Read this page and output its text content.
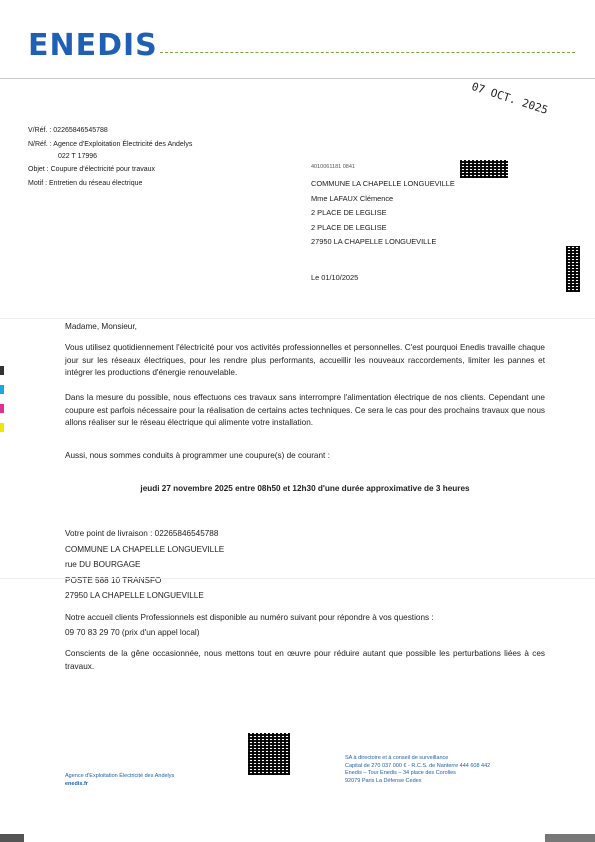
ENEDIS
07 OCT. 2025
V/Réf. : 02265846545788
N/Réf. : Agence d'Exploitation Électricité des Andelys
022 T 17996
Objet : Coupure d'électricité pour travaux
Motif : Entretien du réseau électrique
4010061181 0841
COMMUNE LA CHAPELLE LONGUEVILLE
Mme LAFAUX Clémence
2 PLACE DE LEGLISE
2 PLACE DE LEGLISE
27950 LA CHAPELLE LONGUEVILLE
Le 01/10/2025
Madame, Monsieur,
Vous utilisez quotidiennement l'électricité pour vos activités professionnelles et personnelles. C'est pourquoi Enedis travaille chaque jour sur les réseaux électriques, pour les rendre plus performants, accueillir les nouveaux raccordements, limiter les pannes et intégrer les productions d'énergie renouvelable.
Dans la mesure du possible, nous effectuons ces travaux sans interrompre l'alimentation électrique de nos clients. Cependant une coupure est parfois nécessaire pour la réalisation de certains actes techniques. Ce sera le cas pour des prochains travaux que nous allons réaliser sur le réseau électrique qui alimente votre installation.
Aussi, nous sommes conduits à programmer une coupure(s) de courant :
jeudi 27 novembre 2025 entre 08h50 et 12h30 d'une durée approximative de 3 heures
Votre point de livraison : 02265846545788
COMMUNE LA CHAPELLE LONGUEVILLE
rue DU BOURGAGE
POSTE 588 10 TRANSFO
27950 LA CHAPELLE LONGUEVILLE
Notre accueil clients Professionnels est disponible au numéro suivant pour répondre à vos questions :
09 70 83 29 70 (prix d'un appel local)
Conscients de la gêne occasionnée, nous mettons tout en œuvre pour réduire autant que possible les perturbations liées à ces travaux.
Agence d'Exploitation Électricité des Andelys
enedis.fr
SA à directoire et à conseil de surveillance
Capital de 270 037 000 € - R.C.S. de Nanterre 444 608 442
Enedis – Tour Enedis – 34 place des Corolles
92079 Paris La Défense Cedex
